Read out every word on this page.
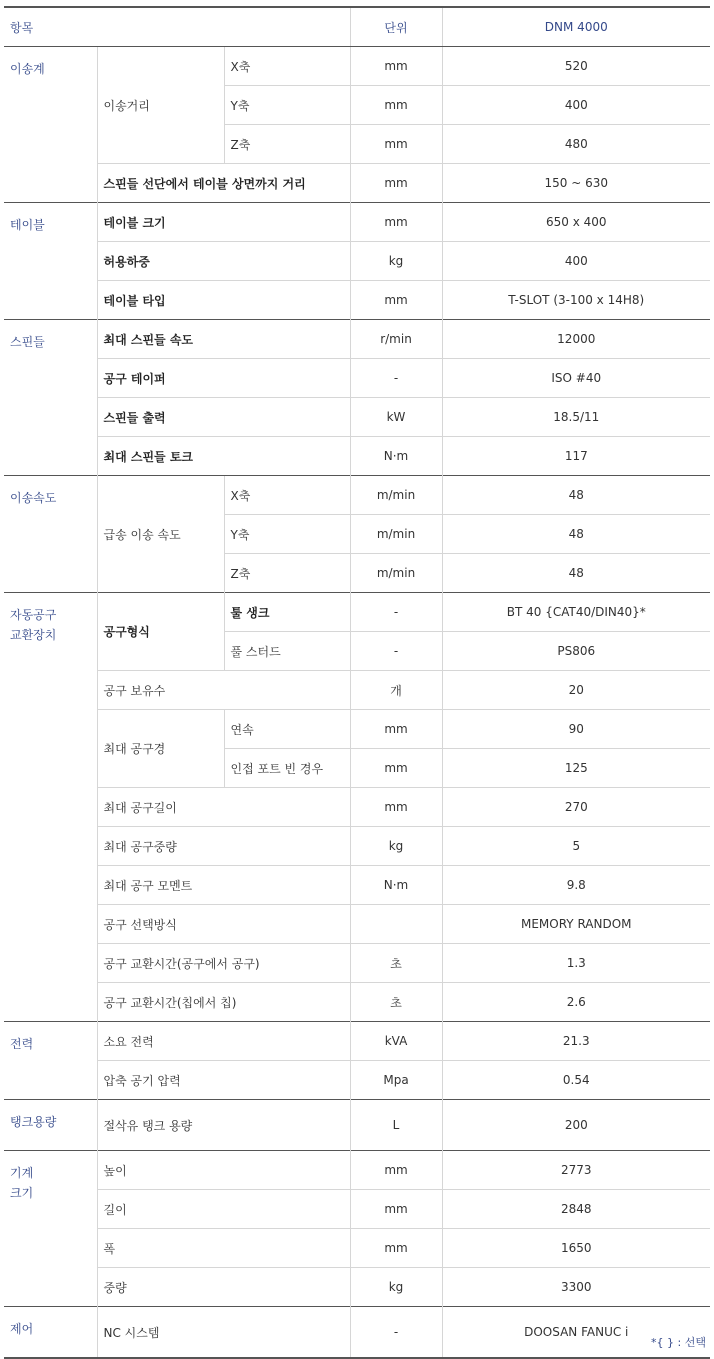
항목			단위	DNM 4000
이송계	이송거리	X축	mm	520
		Y축	mm	400
		Z축	mm	480
	스핀들 선단에서 테이블 상면까지 거리		mm	150 ~ 630
테이블	테이블 크기		mm	650 x 400
	허용하중		kg	400
	테이블 타입		mm	T-SLOT (3-100 x 14H8)
스핀들	최대 스핀들 속도		r/min	12000
	공구 테이퍼		-	ISO #40
	스핀들 출력		kW	18.5/11
	최대 스핀들 토크		N·m	117
이송속도	급송 이송 속도	X축	m/min	48
		Y축	m/min	48
		Z축	m/min	48
자동공구
교환장치	공구형식	툴 생크	-	BT 40 {CAT40/DIN40}*
		풀 스터드	-	PS806
	공구 보유수		개	20
	최대 공구경	연속	mm	90
		인접 포트 빈 경우	mm	125
	최대 공구길이		mm	270
	최대 공구중량		kg	5
	최대 공구 모멘트		N·m	9.8
	공구 선택방식			MEMORY RANDOM
	공구 교환시간(공구에서 공구)		초	1.3
	공구 교환시간(칩에서 칩)		초	2.6
전력	소요 전력		kVA	21.3
	압축 공기 압력		Mpa	0.54
탱크용량	절삭유 탱크 용량		L	200
기계
크기	높이		mm	2773
	길이		mm	2848
	폭		mm	1650
	중량		kg	3300
제어	NC 시스템		-	DOOSAN FANUC i
*{ } : 선택
